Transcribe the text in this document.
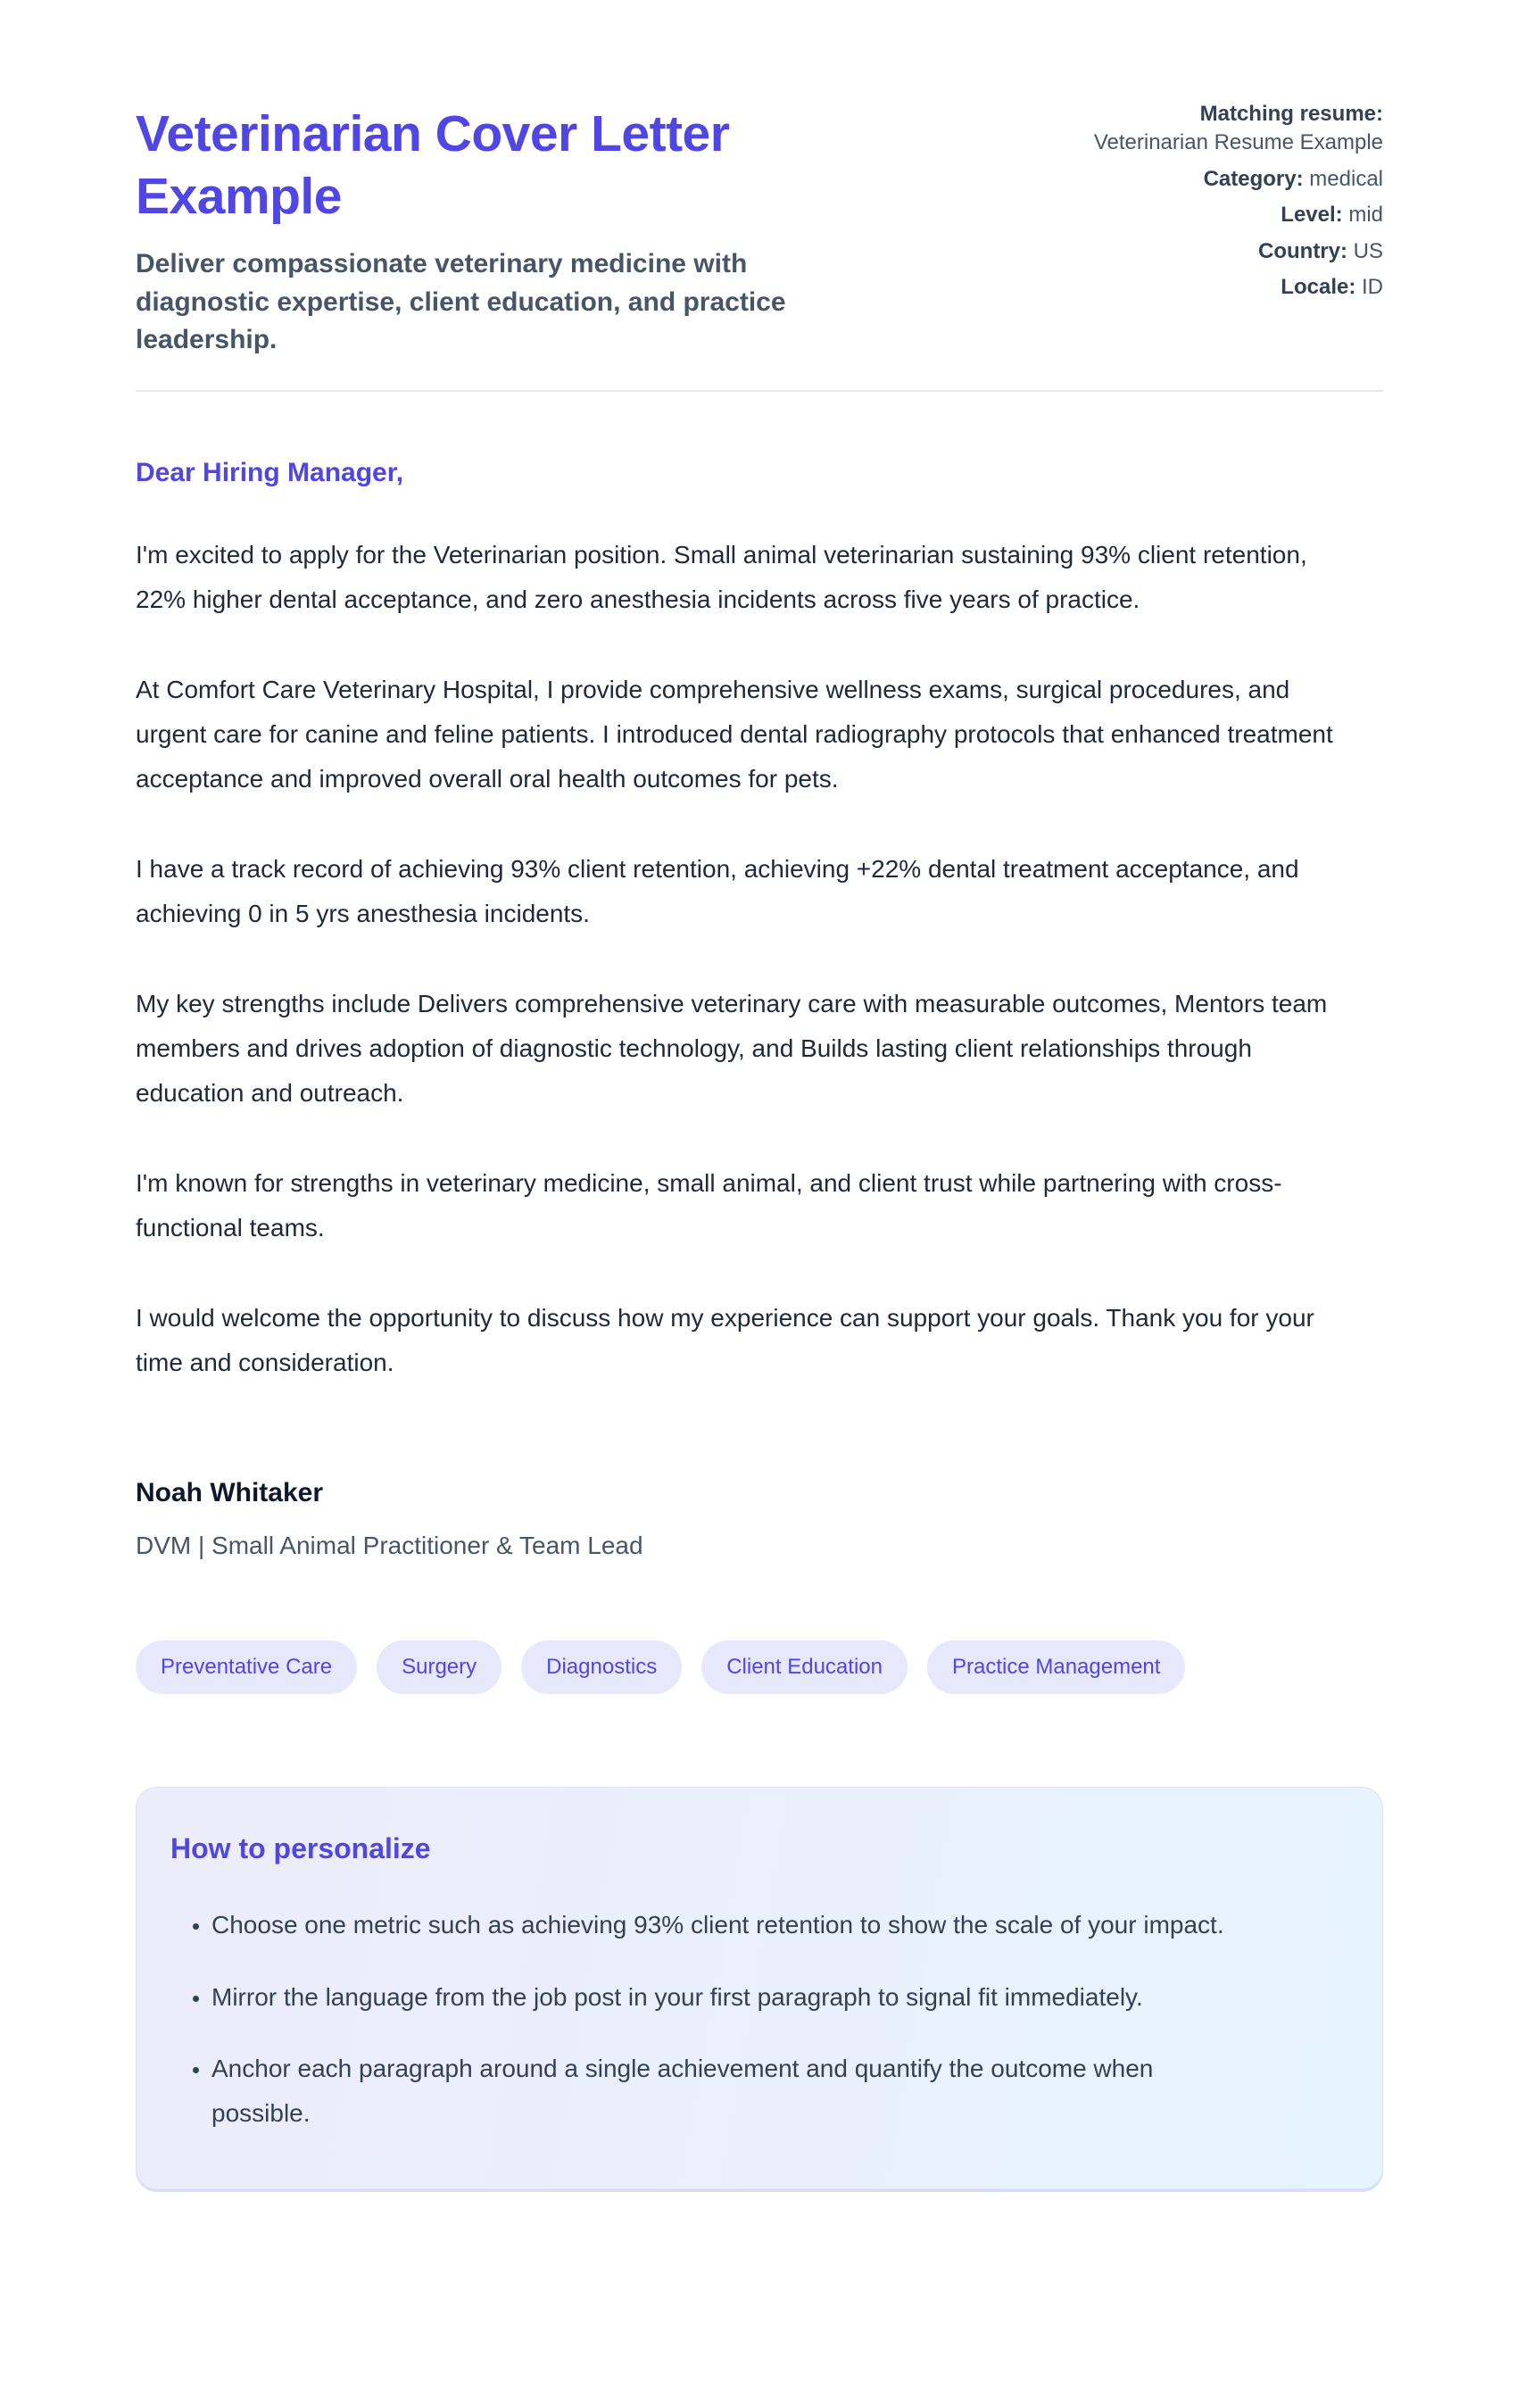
Veterinarian Cover Letter Example

Deliver compassionate veterinary medicine with diagnostic expertise, client education, and practice leadership.

Matching resume: Veterinarian Resume Example
Category: medical
Level: mid
Country: US
Locale: ID

Dear Hiring Manager,

I'm excited to apply for the Veterinarian position. Small animal veterinarian sustaining 93% client retention, 22% higher dental acceptance, and zero anesthesia incidents across five years of practice.

At Comfort Care Veterinary Hospital, I provide comprehensive wellness exams, surgical procedures, and urgent care for canine and feline patients. I introduced dental radiography protocols that enhanced treatment acceptance and improved overall oral health outcomes for pets.

I have a track record of achieving 93% client retention, achieving +22% dental treatment acceptance, and achieving 0 in 5 yrs anesthesia incidents.

My key strengths include Delivers comprehensive veterinary care with measurable outcomes, Mentors team members and drives adoption of diagnostic technology, and Builds lasting client relationships through education and outreach.

I'm known for strengths in veterinary medicine, small animal, and client trust while partnering with cross-functional teams.

I would welcome the opportunity to discuss how my experience can support your goals. Thank you for your time and consideration.

Noah Whitaker

DVM | Small Animal Practitioner & Team Lead

Preventative Care	Surgery	Diagnostics	Client Education	Practice Management
How to personalize
• Choose one metric such as achieving 93% client retention to show the scale of your impact.
• Mirror the language from the job post in your first paragraph to signal fit immediately.
• Anchor each paragraph around a single achievement and quantify the outcome when possible.
